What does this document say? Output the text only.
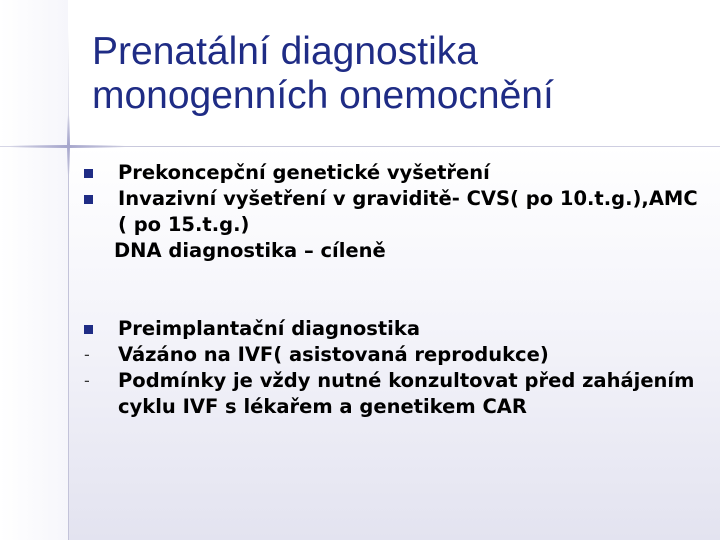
Prenatální diagnostika
monogenních onemocnění
Prekoncepční genetické vyšetření
Invazivní vyšetření v graviditě- CVS( po 10.t.g.),AMC ( po 15.t.g.)
DNA diagnostika – cíleně
Preimplantační diagnostika
- Vázáno na IVF( asistovaná reprodukce)
- Podmínky je vždy nutné konzultovat před zahájením cyklu IVF s lékařem a genetikem CAR
